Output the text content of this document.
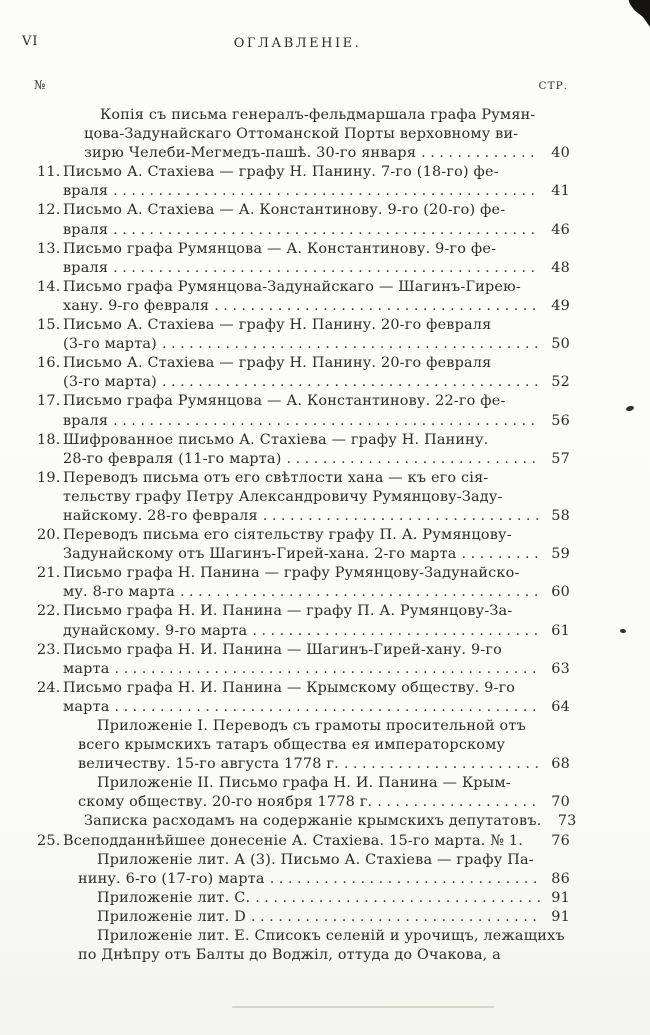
VI	ОГЛАВЛЕНІЕ.
№	СТР.
Копія съ письма генералъ-фельдмаршала графа Румян-
цова-Задунайскаго Оттоманской Порты верховному ви-
зирю Челеби-Мегмедъ-пашѣ. 30-го января .....	40
11. Письмо А. Стахіева — графу Н. Панину. 7-го (18-го) фе-
враля .....	41
12. Письмо А. Стахіева — А. Константинову. 9-го (20-го) фе-
враля .....	46
13. Письмо графа Румянцова — А. Константинову. 9-го фе-
враля .....	48
14. Письмо графа Румянцова-Задунайскаго — Шагинъ-Гирею-
хану. 9-го февраля .....	49
15. Письмо А. Стахіева — графу Н. Панину. 20-го февраля
(3-го марта) .....	50
16. Письмо А. Стахіева — графу Н. Панину. 20-го февраля
(3-го марта) .....	52
17. Письмо графа Румянцова — А. Константинову. 22-го фе-
враля .....	56
18. Шифрованное письмо А. Стахіева — графу Н. Панину.
28-го февраля (11-го марта) .....	57
19. Переводъ письма отъ его свѣтлости хана — къ его сія-
тельству графу Петру Александровичу Румянцову-Заду-
найскому. 28-го февраля .....	58
20. Переводъ письма его сіятельству графу П. А. Румянцову-
Задунайскому отъ Шагинъ-Гирей-хана. 2-го марта .....	59
21. Письмо графа Н. Панина — графу Румянцову-Задунайско-
му. 8-го марта .....	60
22. Письмо графа Н. И. Панина — графу П. А. Румянцову-За-
дунайскому. 9-го марта .....	61
23. Письмо графа Н. И. Панина — Шагинъ-Гирей-хану. 9-го
марта .....	63
24. Письмо графа Н. И. Панина — Крымскому обществу. 9-го
марта .....	64
Приложеніе I. Переводъ съ грамоты просительной отъ
всего крымскихъ татаръ общества ея императорскому
величеству. 15-го августа 1778 г. .....	68
Приложеніе II. Письмо графа Н. И. Панина — Крым-
скому обществу. 20-го ноября 1778 г. .....	70
Записка расходамъ на содержаніе крымскихъ депутатовъ.	73
25. Всеподданнѣйшее донесеніе А. Стахіева. 15-го марта. № 1.	76
Приложеніе лит. А (3). Письмо А. Стахіева — графу Па-
нину. 6-го (17-го) марта .....	86
Приложеніе лит. С. .....	91
Приложеніе лит. D .....	91
Приложеніе лит. Е. Списокъ селеній и урочищъ, лежащихъ
по Днѣпру отъ Балты до Воджіл, оттуда до Очакова, а
